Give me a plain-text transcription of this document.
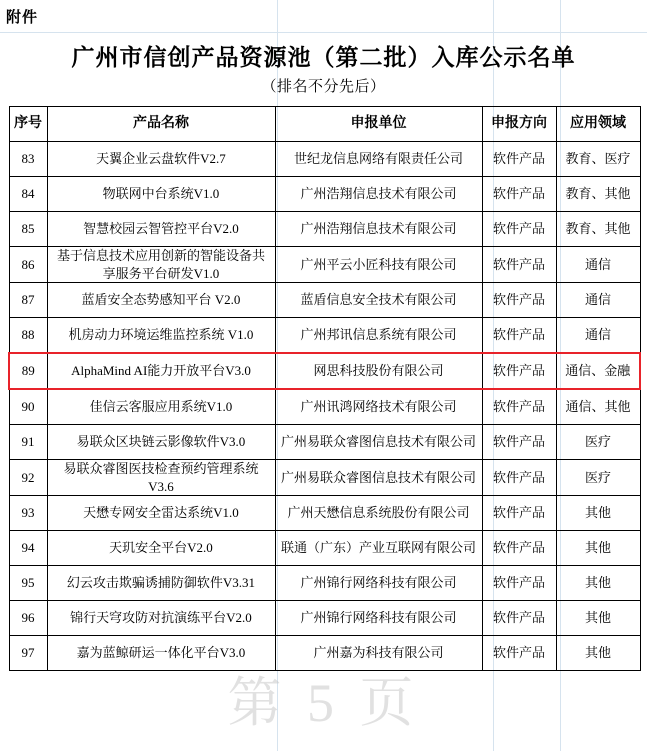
附件
广州市信创产品资源池（第二批）入库公示名单
（排名不分先后）
序号	产品名称	申报单位	申报方向	应用领域
83	天翼企业云盘软件V2.7	世纪龙信息网络有限责任公司	软件产品	教育、医疗
84	物联网中台系统V1.0	广州浩翔信息技术有限公司	软件产品	教育、其他
85	智慧校园云智管控平台V2.0	广州浩翔信息技术有限公司	软件产品	教育、其他
86	基于信息技术应用创新的智能设备共享服务平台研发V1.0	广州平云小匠科技有限公司	软件产品	通信
87	蓝盾安全态势感知平台 V2.0	蓝盾信息安全技术有限公司	软件产品	通信
88	机房动力环境运维监控系统 V1.0	广州邦讯信息系统有限公司	软件产品	通信
89	AlphaMind AI能力开放平台V3.0	网思科技股份有限公司	软件产品	通信、金融
90	佳信云客服应用系统V1.0	广州讯鸿网络技术有限公司	软件产品	通信、其他
91	易联众区块链云影像软件V3.0	广州易联众睿图信息技术有限公司	软件产品	医疗
92	易联众睿图医技检查预约管理系统V3.6	广州易联众睿图信息技术有限公司	软件产品	医疗
93	天懋专网安全雷达系统V1.0	广州天懋信息系统股份有限公司	软件产品	其他
94	天玑安全平台V2.0	联通（广东）产业互联网有限公司	软件产品	其他
95	幻云攻击欺骗诱捕防御软件V3.31	广州锦行网络科技有限公司	软件产品	其他
96	锦行天穹攻防对抗演练平台V2.0	广州锦行网络科技有限公司	软件产品	其他
97	嘉为蓝鲸研运一体化平台V3.0	广州嘉为科技有限公司	软件产品	其他
第 5 页
